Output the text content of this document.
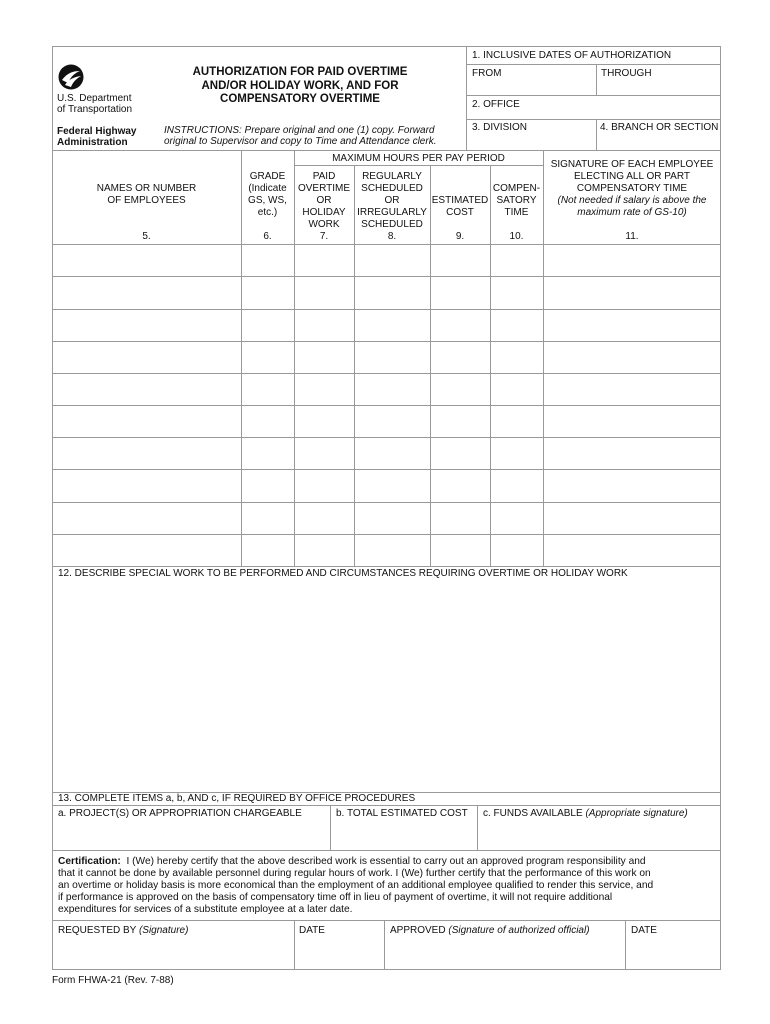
U.S. Department
of Transportation
Federal Highway
Administration
AUTHORIZATION FOR PAID OVERTIME
AND/OR HOLIDAY WORK, AND FOR
COMPENSATORY OVERTIME
INSTRUCTIONS: Prepare original and one (1) copy. Forward
original to Supervisor and copy to Time and Attendance clerk.
1. INCLUSIVE DATES OF AUTHORIZATION
FROM	THROUGH
2. OFFICE
3. DIVISION	4. BRANCH OR SECTION
MAXIMUM HOURS PER PAY PERIOD
NAMES OR NUMBER
OF EMPLOYEES
5.
GRADE
(Indicate
GS, WS,
etc.)
6.
PAID
OVERTIME
OR
HOLIDAY
WORK
7.
REGULARLY
SCHEDULED
OR
IRREGULARLY
SCHEDULED
8.
ESTIMATED
COST
9.
COMPEN-
SATORY
TIME
10.
SIGNATURE OF EACH EMPLOYEE
ELECTING ALL OR PART
COMPENSATORY TIME
(Not needed if salary is above the
maximum rate of GS-10)
11.
12. DESCRIBE SPECIAL WORK TO BE PERFORMED AND CIRCUMSTANCES REQUIRING OVERTIME OR HOLIDAY WORK
13. COMPLETE ITEMS a, b, AND c, IF REQUIRED BY OFFICE PROCEDURES
a. PROJECT(S) OR APPROPRIATION CHARGEABLE	b. TOTAL ESTIMATED COST	c. FUNDS AVAILABLE (Appropriate signature)

Certification: I (We) hereby certify that the above described work is essential to carry out an approved program responsibility and

that it cannot be done by available personnel during regular hours of work. I (We) further certify that the performance of this work on

an overtime or holiday basis is more economical than the employment of an additional employee qualified to render this service, and

if performance is approved on the basis of compensatory time off in lieu of payment of overtime, it will not require additional

expenditures for services of a substitute employee at a later date.

REQUESTED BY (Signature)	DATE	APPROVED (Signature of authorized official)	DATE
Form FHWA-21 (Rev. 7-88)
